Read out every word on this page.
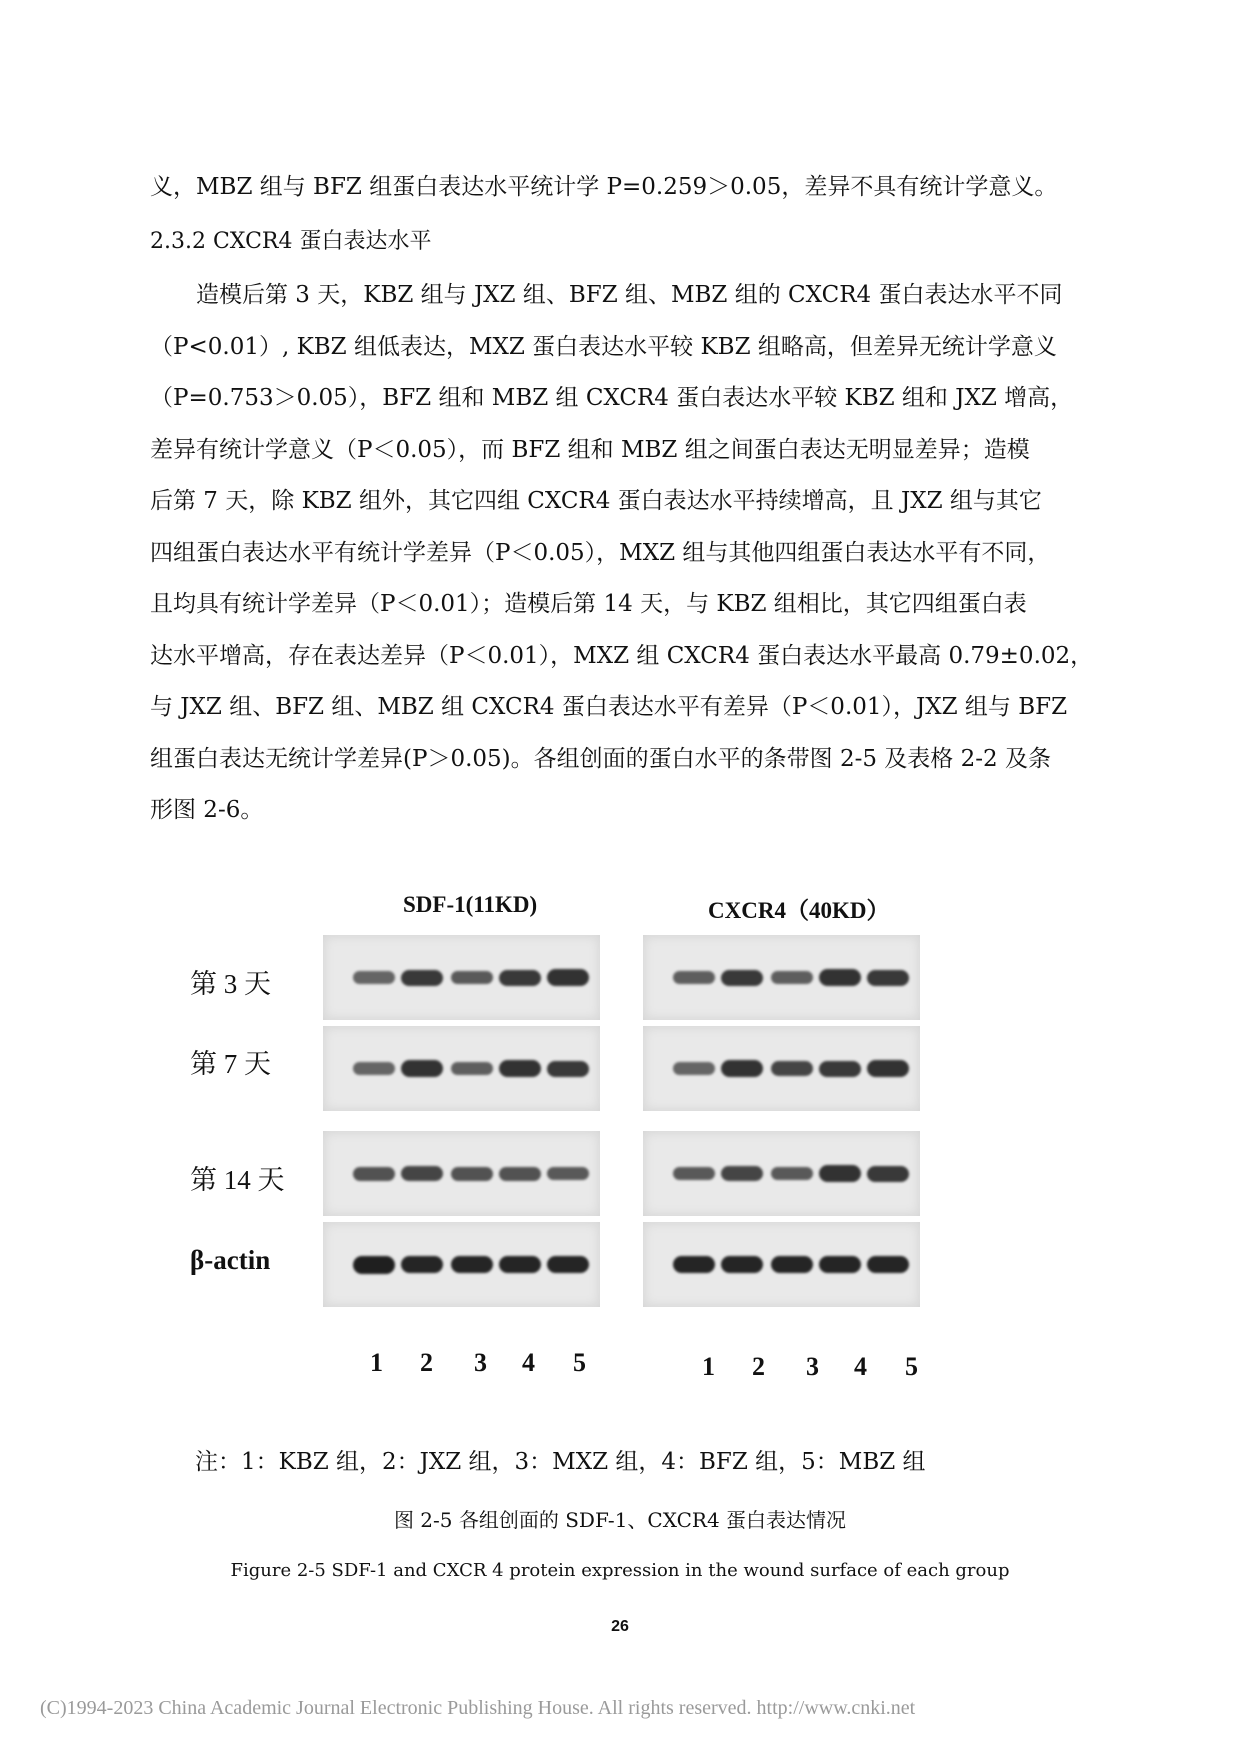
义，MBZ 组与 BFZ 组蛋白表达水平统计学 P=0.259＞0.05，差异不具有统计学意义。
2.3.2 CXCR4 蛋白表达水平
　　造模后第 3 天，KBZ 组与 JXZ 组、BFZ 组、MBZ 组的 CXCR4 蛋白表达水平不同
（P<0.01）, KBZ 组低表达，MXZ 蛋白表达水平较 KBZ 组略高，但差异无统计学意义
（P=0.753＞0.05），BFZ 组和 MBZ 组 CXCR4 蛋白表达水平较 KBZ 组和 JXZ 增高，
差异有统计学意义（P＜0.05），而 BFZ 组和 MBZ 组之间蛋白表达无明显差异；造模
后第 7 天，除 KBZ 组外，其它四组 CXCR4 蛋白表达水平持续增高，且 JXZ 组与其它
四组蛋白表达水平有统计学差异（P＜0.05），MXZ 组与其他四组蛋白表达水平有不同，
且均具有统计学差异（P＜0.01）；造模后第 14 天，与 KBZ 组相比，其它四组蛋白表
达水平增高，存在表达差异（P＜0.01），MXZ 组 CXCR4 蛋白表达水平最高 0.79±0.02，
与 JXZ 组、BFZ 组、MBZ 组 CXCR4 蛋白表达水平有差异（P＜0.01），JXZ 组与 BFZ
组蛋白表达无统计学差异(P＞0.05)。各组创面的蛋白水平的条带图 2-5 及表格 2-2 及条
形图 2-6。
SDF-1(11KD)	CXCR4（40KD）
第 3 天
第 7 天
第 14 天
β-actin
1 2 3 4 5	1 2 3 4 5
注：1：KBZ 组，2：JXZ 组，3：MXZ 组，4：BFZ 组，5：MBZ 组
图 2-5 各组创面的 SDF-1、CXCR4 蛋白表达情况
Figure 2-5 SDF-1 and CXCR 4 protein expression in the wound surface of each group
26
(C)1994-2023 China Academic Journal Electronic Publishing House. All rights reserved. http://www.cnki.net
